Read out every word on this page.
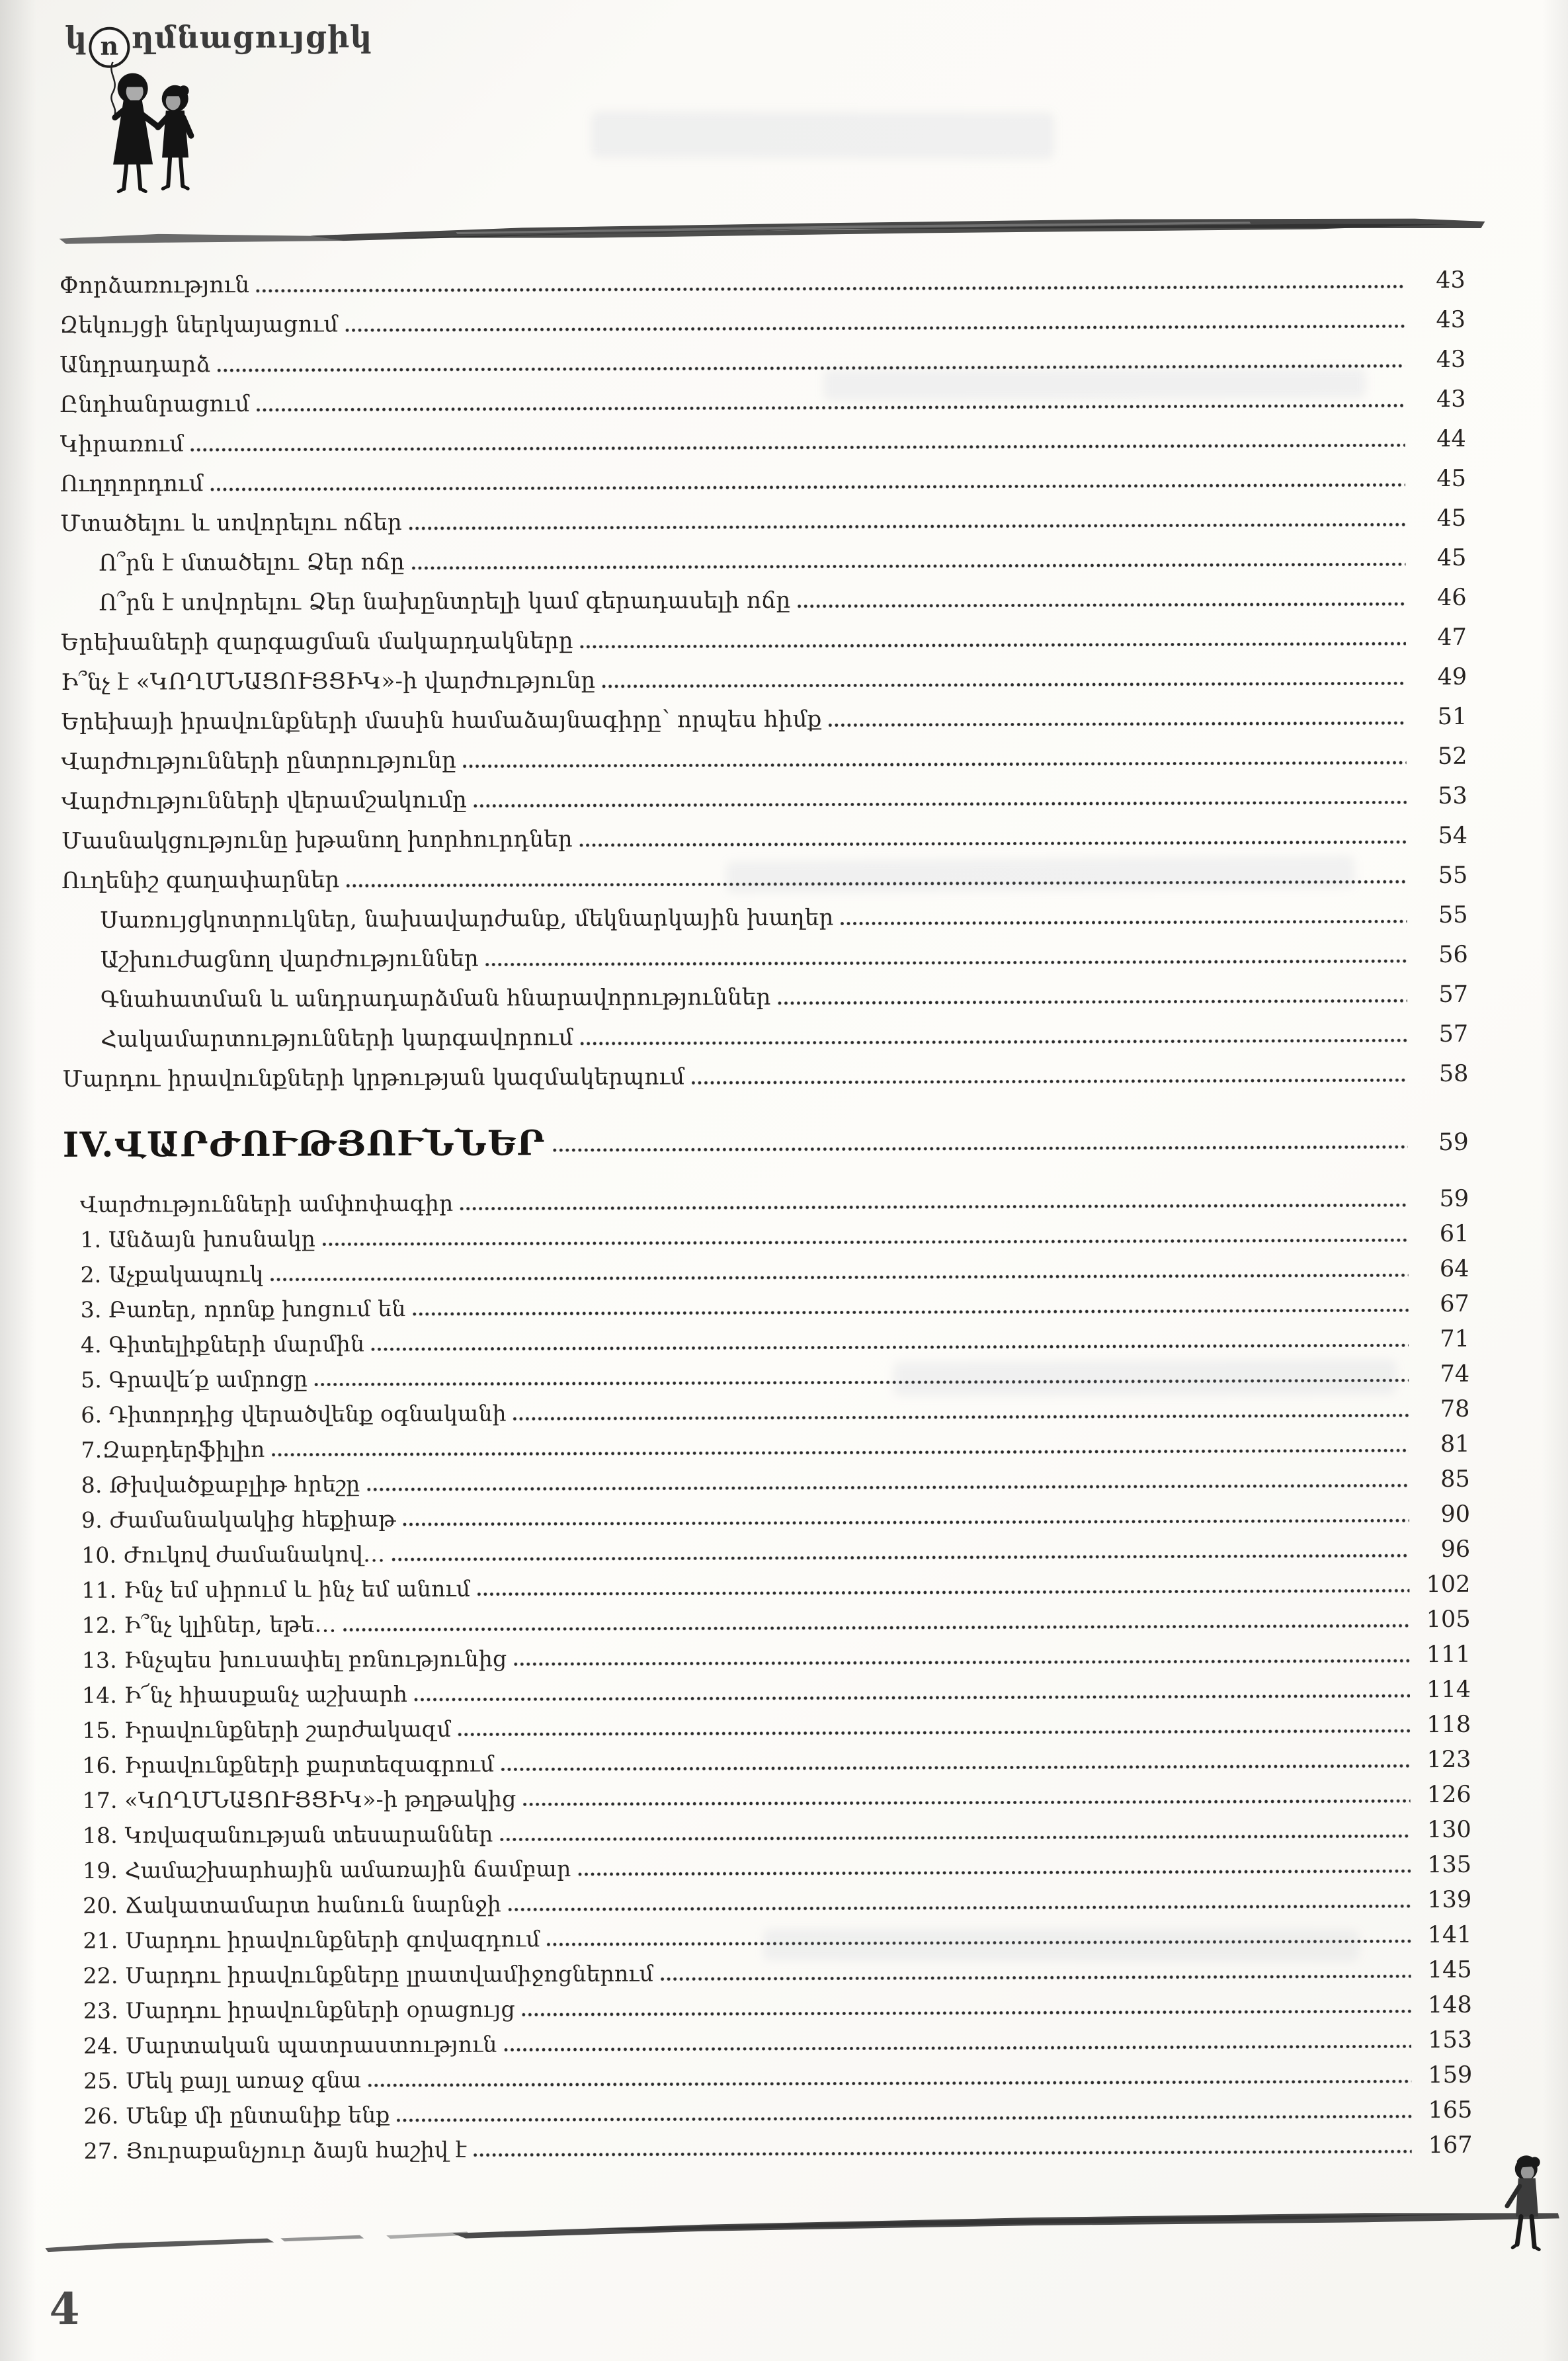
կ ո ղմնացույցիկ
Փորձառություն	43
Զեկույցի ներկայացում	43
Անդրադարձ	43
Ընդհանրացում	43
Կիրառում	44
Ուղղորդում	45
Մտածելու և սովորելու ոճեր	45
Ո՞րն է մտածելու Ձեր ոճը	45
Ո՞րն է սովորելու Ձեր նախընտրելի կամ գերադասելի ոճը	46
Երեխաների զարգացման մակարդակները	47
Ի՞նչ է «ԿՈՂՄՆԱՑՈՒՅՑԻԿ»-ի վարժությունը	49
Երեխայի իրավունքների մասին համաձայնագիրը՝ որպես հիմք	51
Վարժությունների ընտրությունը	52
Վարժությունների վերամշակումը	53
Մասնակցությունը խթանող խորհուրդներ	54
Ուղենիշ գաղափարներ	55
Սառույցկոտրուկներ, նախավարժանք, մեկնարկային խաղեր	55
Աշխուժացնող վարժություններ	56
Գնահատման և անդրադարձման հնարավորություններ	57
Հակամարտությունների կարգավորում	57
Մարդու իրավունքների կրթության կազմակերպում	58
IV.ՎԱՐԺՈՒԹՅՈՒՆՆԵՐ	59
Վարժությունների ամփոփագիր	59
1. Անձայն խոսնակը	61
2. Աչքակապուկ	64
3. Բառեր, որոնք խոցում են	67
4. Գիտելիքների մարմին	71
5. Գրավե՛ք ամրոցը	74
6. Դիտորդից վերածվենք օգնականի	78
7.Զաբդերֆիլիո	81
8. Թխվածքաբլիթ հրեշը	85
9. Ժամանակակից հեքիաթ	90
10. Ժուկով ժամանակով…	96
11. Ինչ եմ սիրում և ինչ եմ անում	102
12. Ի՞նչ կլիներ, եթե…	105
13. Ինչպես խուսափել բռնությունից	111
14. Ի՜նչ հիասքանչ աշխարհ	114
15. Իրավունքների շարժակազմ	118
16. Իրավունքների քարտեզագրում	123
17. «ԿՈՂՄՆԱՑՈՒՅՑԻԿ»-ի թղթակից	126
18. Կռվազանության տեսարաններ	130
19. Համաշխարհային ամառային ճամբար	135
20. Ճակատամարտ հանուն նարնջի	139
21. Մարդու իրավունքների գովազդում	141
22. Մարդու իրավունքները լրատվամիջոցներում	145
23. Մարդու իրավունքների օրացույց	148
24. Մարտական պատրաստություն	153
25. Մեկ քայլ առաջ գնա	159
26. Մենք մի ընտանիք ենք	165
27. Յուրաքանչյուր ձայն հաշիվ է	167
4
